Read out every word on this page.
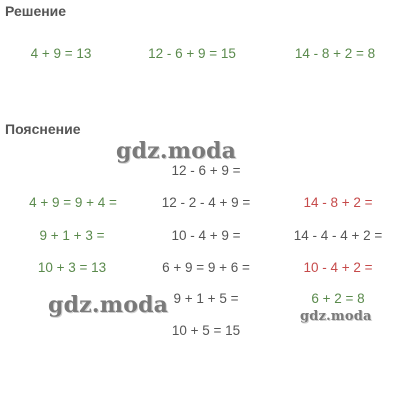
Решение
4 + 9 = 13	12 - 6 + 9 = 15	14 - 8 + 2 = 8
Пояснение
12 - 6 + 9 =
4 + 9 = 9 + 4 =
9 + 1 + 3 =
10 + 3 = 13
12 - 2 - 4 + 9 =
10 - 4 + 9 =
6 + 9 = 9 + 6 =
9 + 1 + 5 =
10 + 5 = 15
14 - 8 + 2 =
14 - 4 - 4 + 2 =
10 - 4 + 2 =
6 + 2 = 8
gdz.moda
gdz.moda	gdz.moda
